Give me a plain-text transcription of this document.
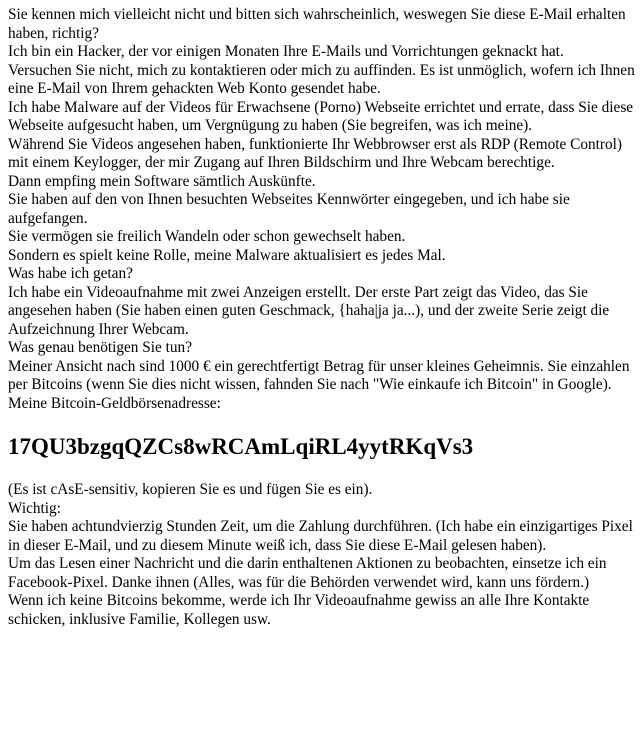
Sie kennen mich vielleicht nicht und bitten sich wahrscheinlich, weswegen Sie diese E-Mail erhalten haben, richtig?
Ich bin ein Hacker, der vor einigen Monaten Ihre E-Mails und Vorrichtungen geknackt hat.
Versuchen Sie nicht, mich zu kontaktieren oder mich zu auffinden. Es ist unmöglich, wofern ich Ihnen eine E-Mail von Ihrem gehackten Web Konto gesendet habe.
Ich habe Malware auf der Videos für Erwachsene (Porno) Webseite errichtet und errate, dass Sie diese Webseite aufgesucht haben, um Vergnügung zu haben (Sie begreifen, was ich meine).
Während Sie Videos angesehen haben, funktionierte Ihr Webbrowser erst als RDP (Remote Control) mit einem Keylogger, der mir Zugang auf Ihren Bildschirm und Ihre Webcam berechtige.
Dann empfing mein Software sämtlich Auskünfte.
Sie haben auf den von Ihnen besuchten Webseites Kennwörter eingegeben, und ich habe sie aufgefangen.
Sie vermögen sie freilich Wandeln oder schon gewechselt haben.
Sondern es spielt keine Rolle, meine Malware aktualisiert es jedes Mal.
Was habe ich getan?
Ich habe ein Videoaufnahme mit zwei Anzeigen erstellt. Der erste Part zeigt das Video, das Sie angesehen haben (Sie haben einen guten Geschmack, {haha|ja ja...), und der zweite Serie zeigt die Aufzeichnung Ihrer Webcam.
Was genau benötigen Sie tun?
Meiner Ansicht nach sind 1000 € ein gerechtfertigt Betrag für unser kleines Geheimnis. Sie einzahlen per Bitcoins (wenn Sie dies nicht wissen, fahnden Sie nach "Wie einkaufe ich Bitcoin" in Google).
Meine Bitcoin-Geldbörsenadresse:
17QU3bzgqQZCs8wRCAmLqiRL4yytRKqVs3
(Es ist cAsE-sensitiv, kopieren Sie es und fügen Sie es ein).
Wichtig:
Sie haben achtundvierzig Stunden Zeit, um die Zahlung durchführen. (Ich habe ein einzigartiges Pixel in dieser E-Mail, und zu diesem Minute weiß ich, dass Sie diese E-Mail gelesen haben).
Um das Lesen einer Nachricht und die darin enthaltenen Aktionen zu beobachten, einsetze ich ein Facebook-Pixel. Danke ihnen (Alles, was für die Behörden verwendet wird, kann uns fördern.)
Wenn ich keine Bitcoins bekomme, werde ich Ihr Videoaufnahme gewiss an alle Ihre Kontakte schicken, inklusive Familie, Kollegen usw.
